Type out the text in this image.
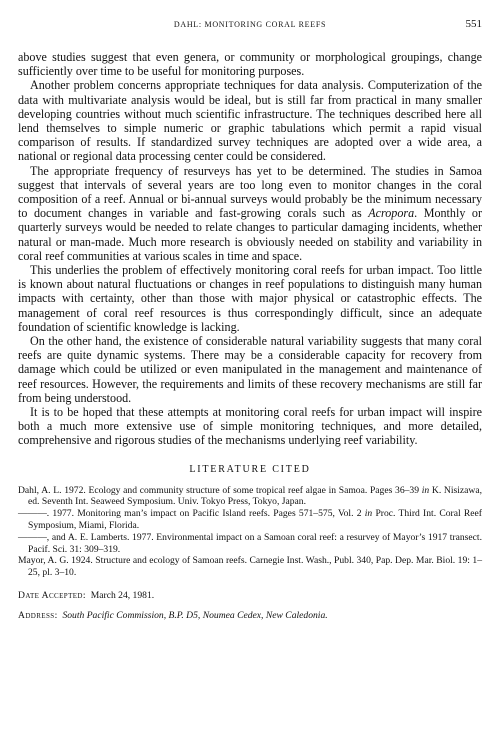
DAHL: MONITORING CORAL REEFS	551

above studies suggest that even genera, or community or morphological groupings, change sufficiently over time to be useful for monitoring purposes.

Another problem concerns appropriate techniques for data analysis. Computerization of the data with multivariate analysis would be ideal, but is still far from practical in many smaller developing countries without much scientific infrastructure. The techniques described here all lend themselves to simple numeric or graphic tabulations which permit a rapid visual comparison of results. If standardized survey techniques are adopted over a wide area, a national or regional data processing center could be considered.

The appropriate frequency of resurveys has yet to be determined. The studies in Samoa suggest that intervals of several years are too long even to monitor changes in the coral composition of a reef. Annual or bi-annual surveys would probably be the minimum necessary to document changes in variable and fast-growing corals such as Acropora. Monthly or quarterly surveys would be needed to relate changes to particular damaging incidents, whether natural or man-made. Much more research is obviously needed on stability and variability in coral reef communities at various scales in time and space.

This underlies the problem of effectively monitoring coral reefs for urban impact. Too little is known about natural fluctuations or changes in reef populations to distinguish many human impacts with certainty, other than those with major physical or catastrophic effects. The management of coral reef resources is thus correspondingly difficult, since an adequate foundation of scientific knowledge is lacking.

On the other hand, the existence of considerable natural variability suggests that many coral reefs are quite dynamic systems. There may be a considerable capacity for recovery from damage which could be utilized or even manipulated in the management and maintenance of reef resources. However, the requirements and limits of these recovery mechanisms are still far from being understood.

It is to be hoped that these attempts at monitoring coral reefs for urban impact will inspire both a much more extensive use of simple monitoring techniques, and more detailed, comprehensive and rigorous studies of the mechanisms underlying reef variability.

LITERATURE CITED

Dahl, A. L. 1972. Ecology and community structure of some tropical reef algae in Samoa. Pages 36–39 in K. Nisizawa, ed. Seventh Int. Seaweed Symposium. Univ. Tokyo Press, Tokyo, Japan.

———. 1977. Monitoring man’s impact on Pacific Island reefs. Pages 571–575, Vol. 2 in Proc. Third Int. Coral Reef Symposium, Miami, Florida.

———, and A. E. Lamberts. 1977. Environmental impact on a Samoan coral reef: a resurvey of Mayor’s 1917 transect. Pacif. Sci. 31: 309–319.

Mayor, A. G. 1924. Structure and ecology of Samoan reefs. Carnegie Inst. Wash., Publ. 340, Pap. Dep. Mar. Biol. 19: 1–25, pl. 3–10.

Date Accepted: March 24, 1981.

Address: South Pacific Commission, B.P. D5, Noumea Cedex, New Caledonia.
